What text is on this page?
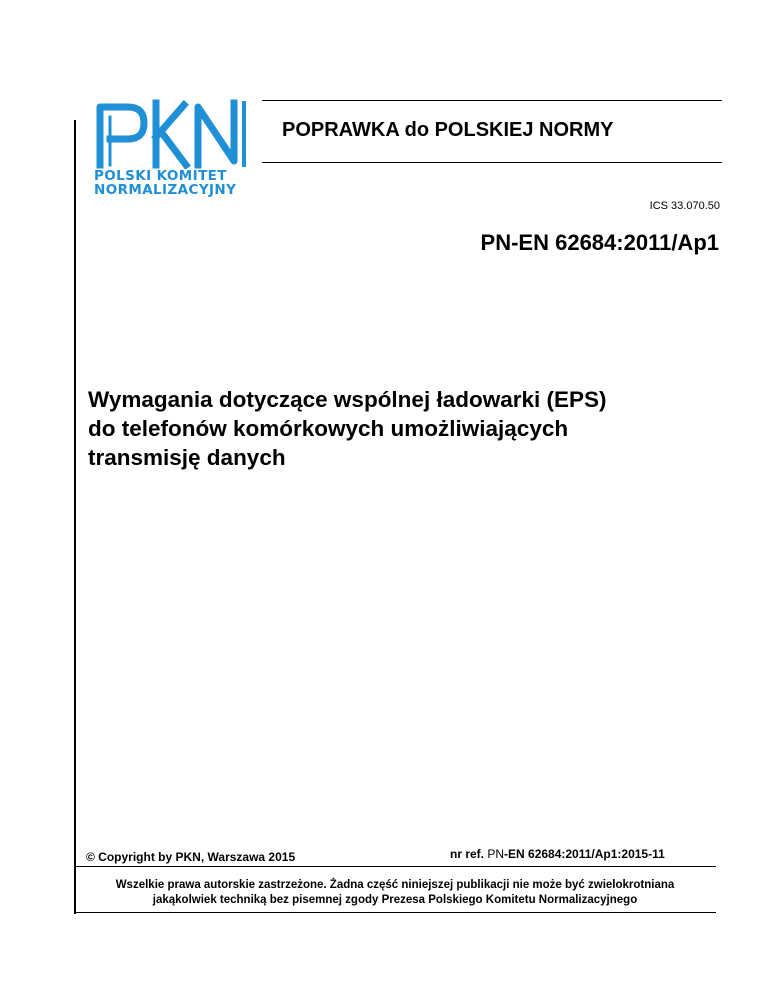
POLSKI KOMITET
NORMALIZACYJNY
POPRAWKA do POLSKIEJ NORMY
ICS 33.070.50
PN-EN 62684:2011/Ap1
Wymagania dotyczące wspólnej ładowarki (EPS)
do telefonów komórkowych umożliwiających
transmisję danych
© Copyright by PKN, Warszawa 2015	nr ref. PN-EN 62684:2011/Ap1:2015-11
Wszelkie prawa autorskie zastrzeżone. Żadna część niniejszej publikacji nie może być zwielokrotniana
jakąkolwiek techniką bez pisemnej zgody Prezesa Polskiego Komitetu Normalizacyjnego
